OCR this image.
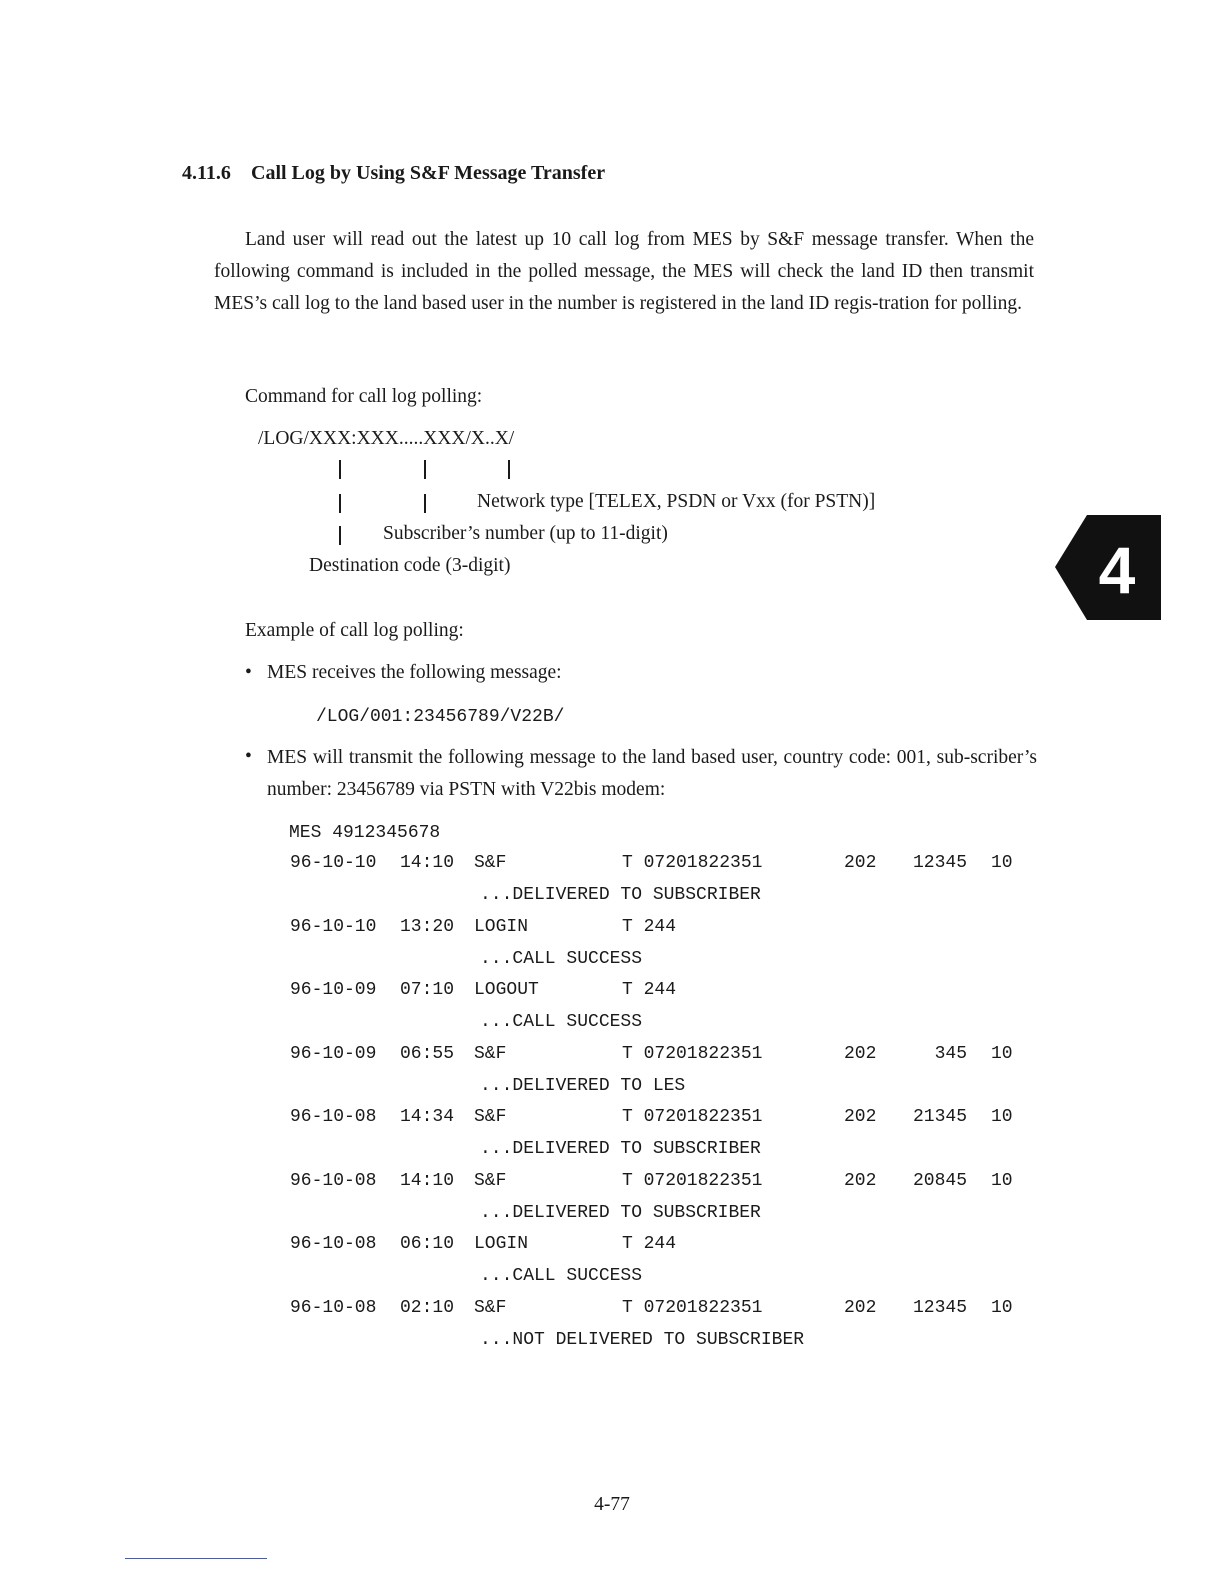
4.11.6 Call Log by Using S&F Message Transfer

Land user will read out the latest up 10 call log from MES by S&F message transfer. When the following command is included in the polled message, the MES will check the land ID then transmit MES’s call log to the land based user in the number is registered in the land ID regis-tration for polling.

Command for call log polling:
/LOG/XXX:XXX.....XXX/X..X/
Network type [TELEX, PSDN or Vxx (for PSTN)]
Subscriber’s number (up to 11-digit)
Destination code (3-digit)
Example of call log polling:
• MES receives the following message:
/LOG/001:23456789/V22B/
• MES will transmit the following message to the land based user, country code: 001, sub-scriber’s number: 23456789 via PSTN with V22bis modem:

MES 4912345678
96-10-10 14:10 S&F	T 07201822351	202	12345 10
...DELIVERED TO SUBSCRIBER
96-10-10 13:20 LOGIN	T 244
...CALL SUCCESS
96-10-09 07:10 LOGOUT	T 244
...CALL SUCCESS
96-10-09 06:55 S&F	T 07201822351	202	345 10
...DELIVERED TO LES
96-10-08 14:34 S&F	T 07201822351	202	21345 10
...DELIVERED TO SUBSCRIBER
96-10-08 14:10 S&F	T 07201822351	202	20845 10
...DELIVERED TO SUBSCRIBER
96-10-08 06:10 LOGIN	T 244
...CALL SUCCESS
96-10-08 02:10 S&F	T 07201822351	202	12345 10
...NOT DELIVERED TO SUBSCRIBER
4
4-77
